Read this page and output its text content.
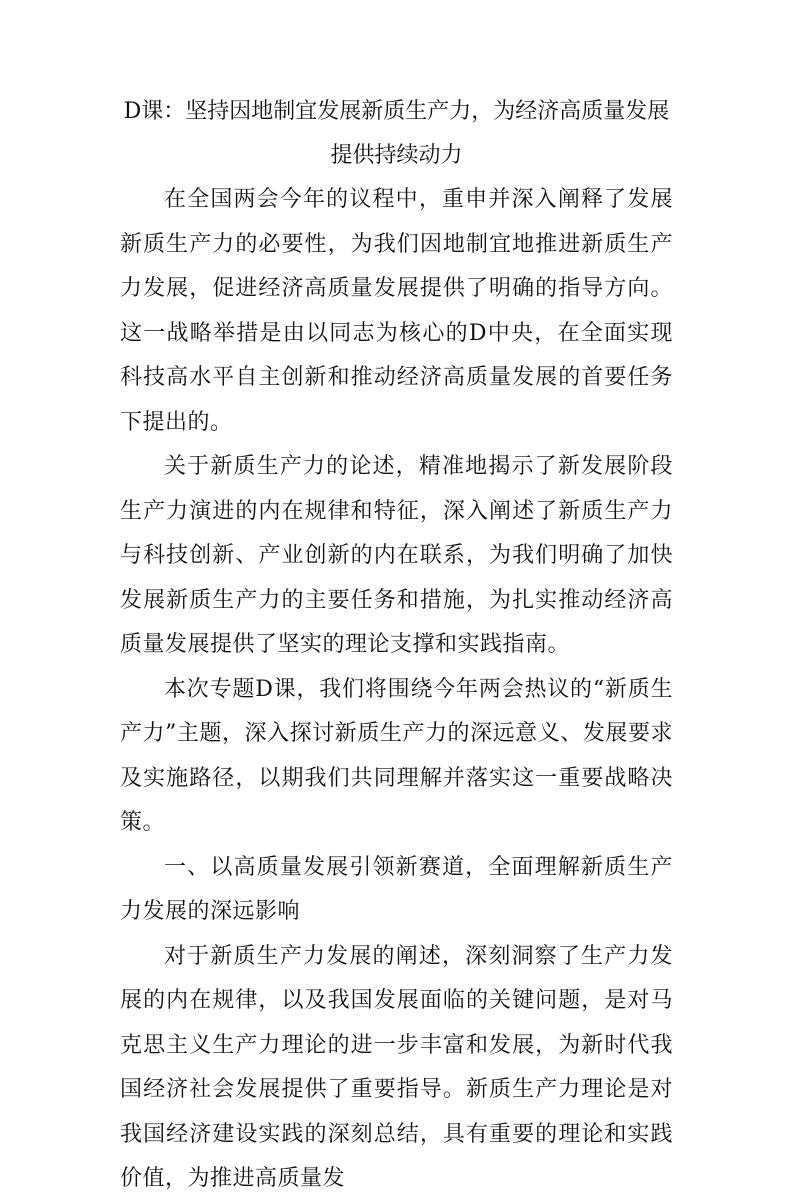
D课：坚持因地制宜发展新质生产力，为经济高质量发展提供持续动力

在全国两会今年的议程中，重申并深入阐释了发展新质生产力的必要性，为我们因地制宜地推进新质生产力发展，促进经济高质量发展提供了明确的指导方向。这一战略举措是由以同志为核心的D中央，在全面实现科技高水平自主创新和推动经济高质量发展的首要任务下提出的。

关于新质生产力的论述，精准地揭示了新发展阶段生产力演进的内在规律和特征，深入阐述了新质生产力与科技创新、产业创新的内在联系，为我们明确了加快发展新质生产力的主要任务和措施，为扎实推动经济高质量发展提供了坚实的理论支撑和实践指南。

本次专题D课，我们将围绕今年两会热议的“新质生产力”主题，深入探讨新质生产力的深远意义、发展要求及实施路径，以期我们共同理解并落实这一重要战略决策。

一、以高质量发展引领新赛道，全面理解新质生产力发展的深远影响

对于新质生产力发展的阐述，深刻洞察了生产力发展的内在规律，以及我国发展面临的关键问题，是对马克思主义生产力理论的进一步丰富和发展，为新时代我国经济社会发展提供了重要指导。新质生产力理论是对我国经济建设实践的深刻总结，具有重要的理论和实践价值，为推进高质量发
